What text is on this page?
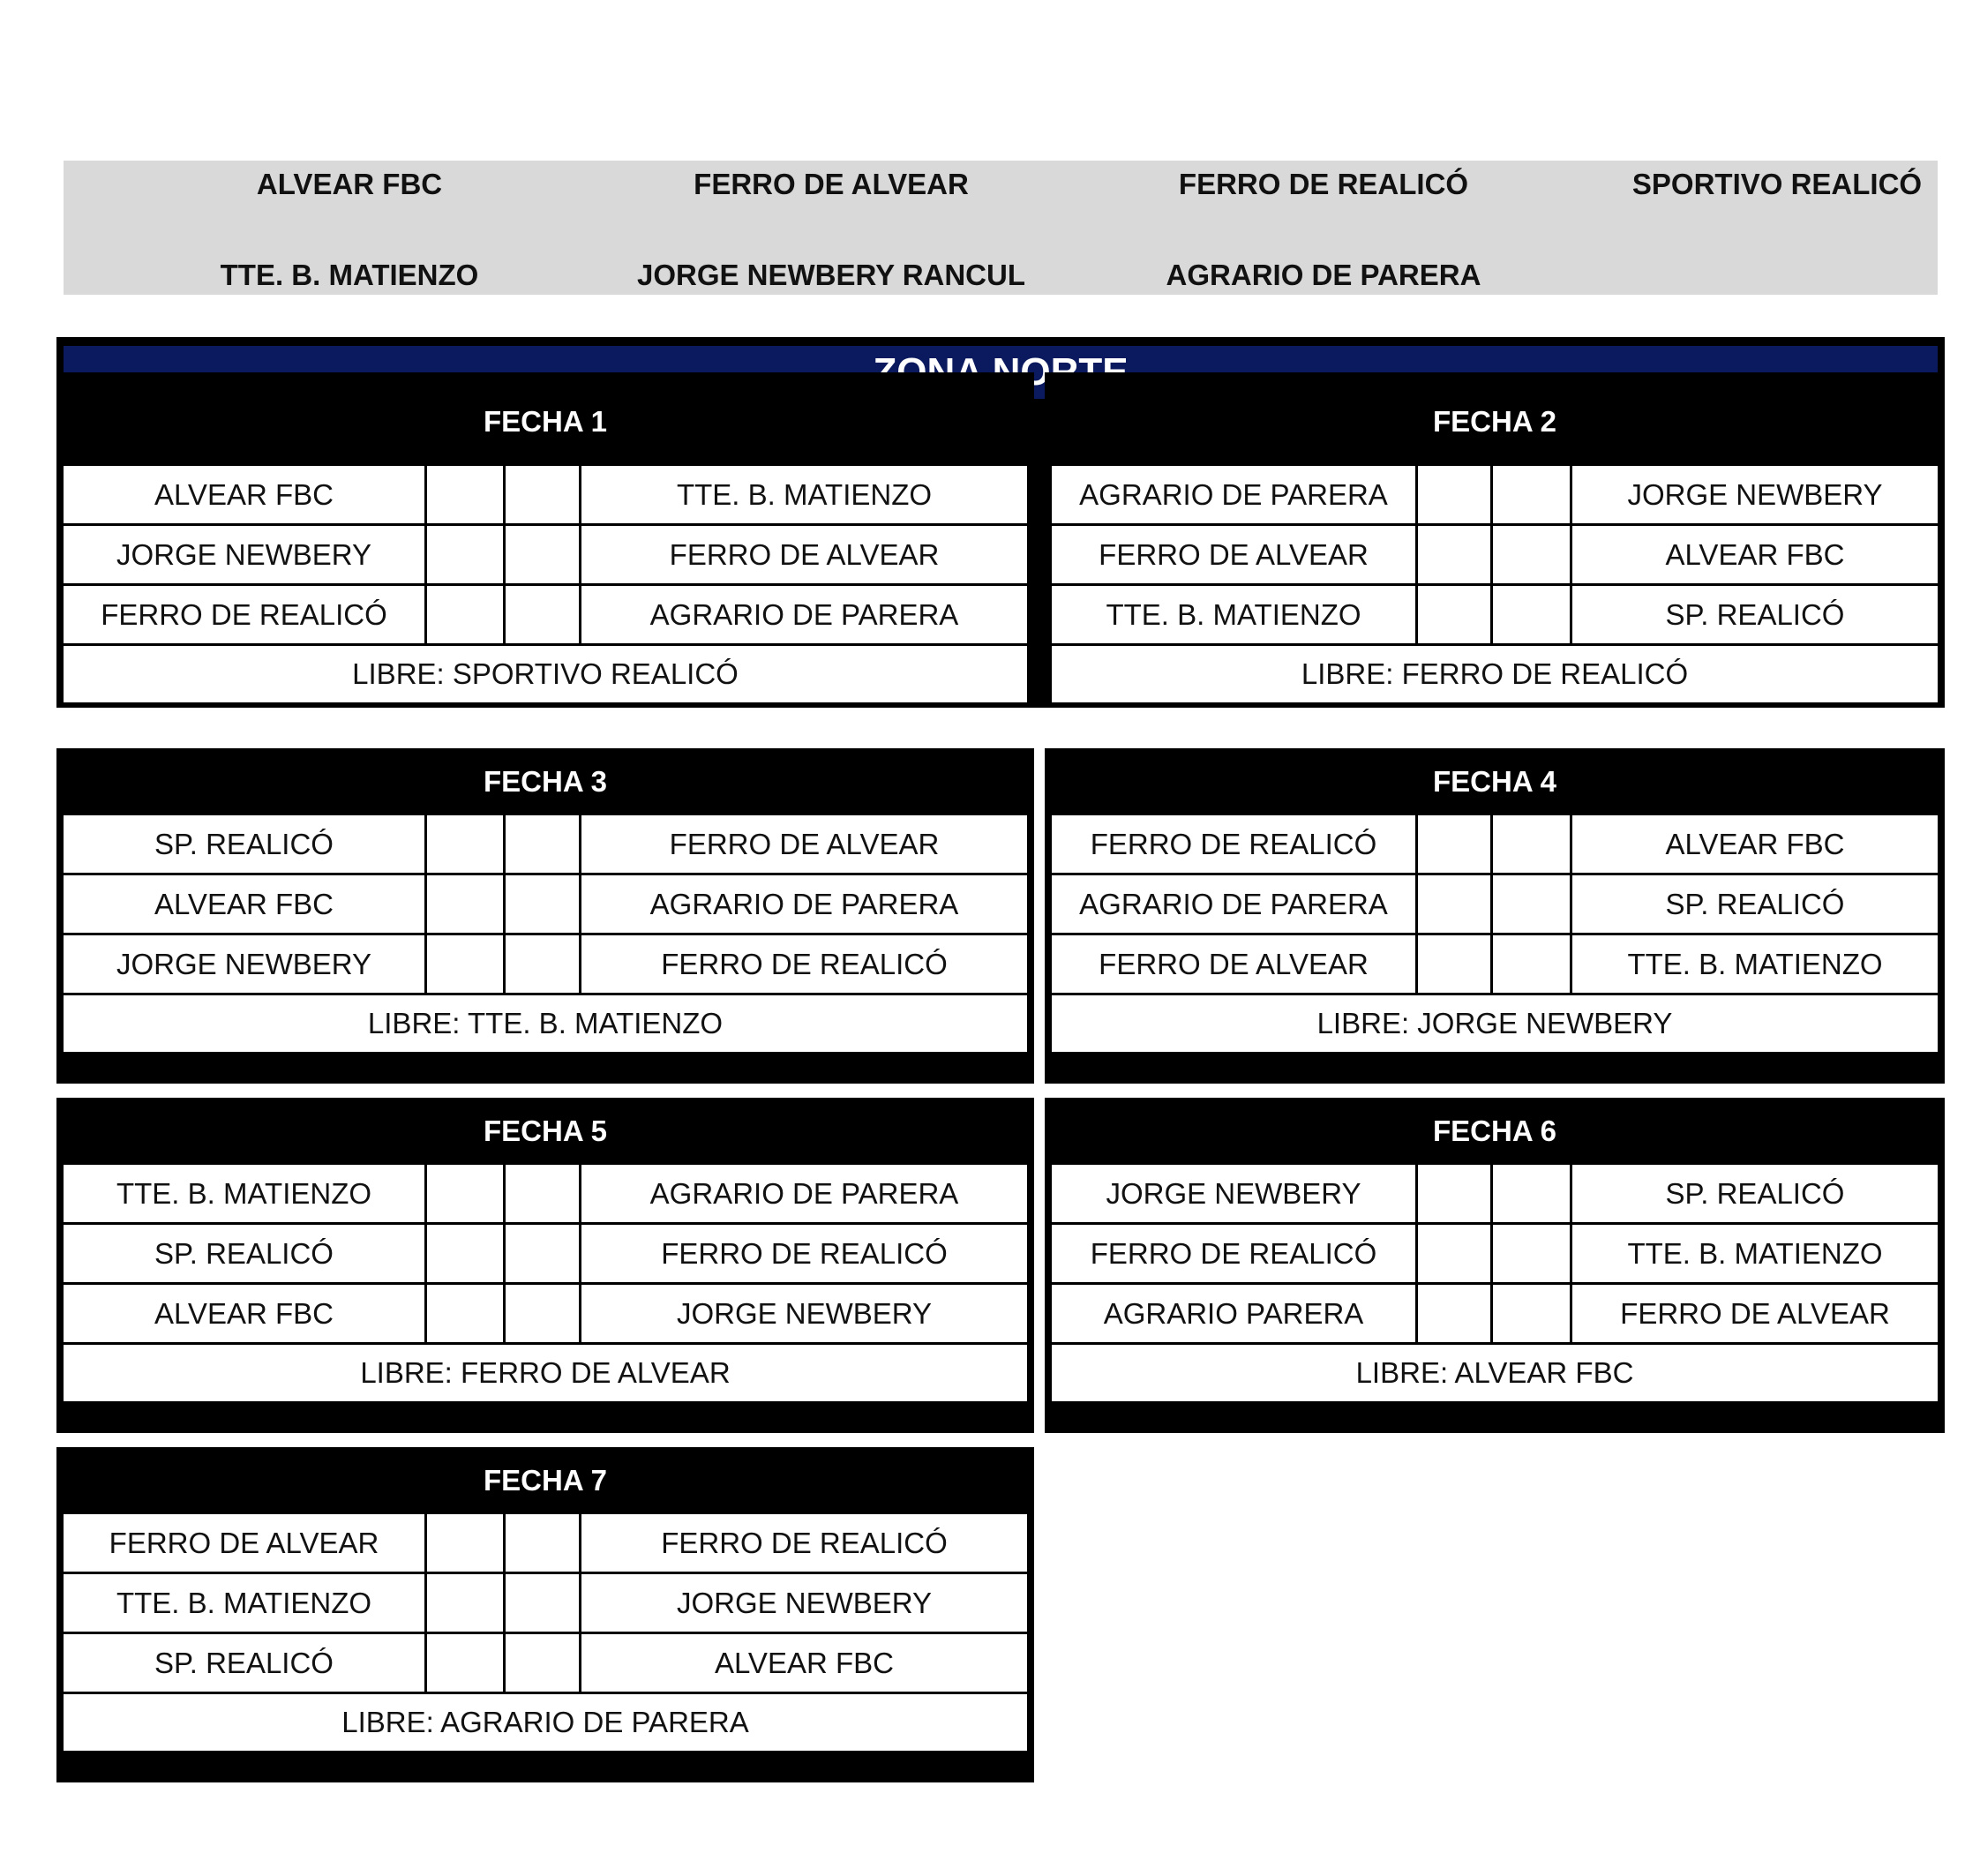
ALVEAR FBC	FERRO DE ALVEAR	FERRO DE REALICÓ	SPORTIVO REALICÓ
TTE. B. MATIENZO	JORGE NEWBERY RANCUL	AGRARIO DE PARERA
FECHA 1
ALVEAR FBC	TTE. B. MATIENZO
JORGE NEWBERY	FERRO DE ALVEAR
FERRO DE REALICÓ	AGRARIO DE PARERA
LIBRE: SPORTIVO REALICÓ
FECHA 2
AGRARIO DE PARERA	JORGE NEWBERY
FERRO DE ALVEAR	ALVEAR FBC
TTE. B. MATIENZO	SP. REALICÓ
LIBRE: FERRO DE REALICÓ
FECHA 3
SP. REALICÓ	FERRO DE ALVEAR
ALVEAR FBC	AGRARIO DE PARERA
JORGE NEWBERY	FERRO DE REALICÓ
LIBRE: TTE. B. MATIENZO
FECHA 4
FERRO DE REALICÓ	ALVEAR FBC
AGRARIO DE PARERA	SP. REALICÓ
FERRO DE ALVEAR	TTE. B. MATIENZO
LIBRE: JORGE NEWBERY
FECHA 5
TTE. B. MATIENZO	AGRARIO DE PARERA
SP. REALICÓ	FERRO DE REALICÓ
ALVEAR FBC	JORGE NEWBERY
LIBRE: FERRO DE ALVEAR
FECHA 6
JORGE NEWBERY	SP. REALICÓ
FERRO DE REALICÓ	TTE. B. MATIENZO
AGRARIO PARERA	FERRO DE ALVEAR
LIBRE: ALVEAR FBC
FECHA 7
FERRO DE ALVEAR	FERRO DE REALICÓ
TTE. B. MATIENZO	JORGE NEWBERY
SP. REALICÓ	ALVEAR FBC
LIBRE: AGRARIO DE PARERA
